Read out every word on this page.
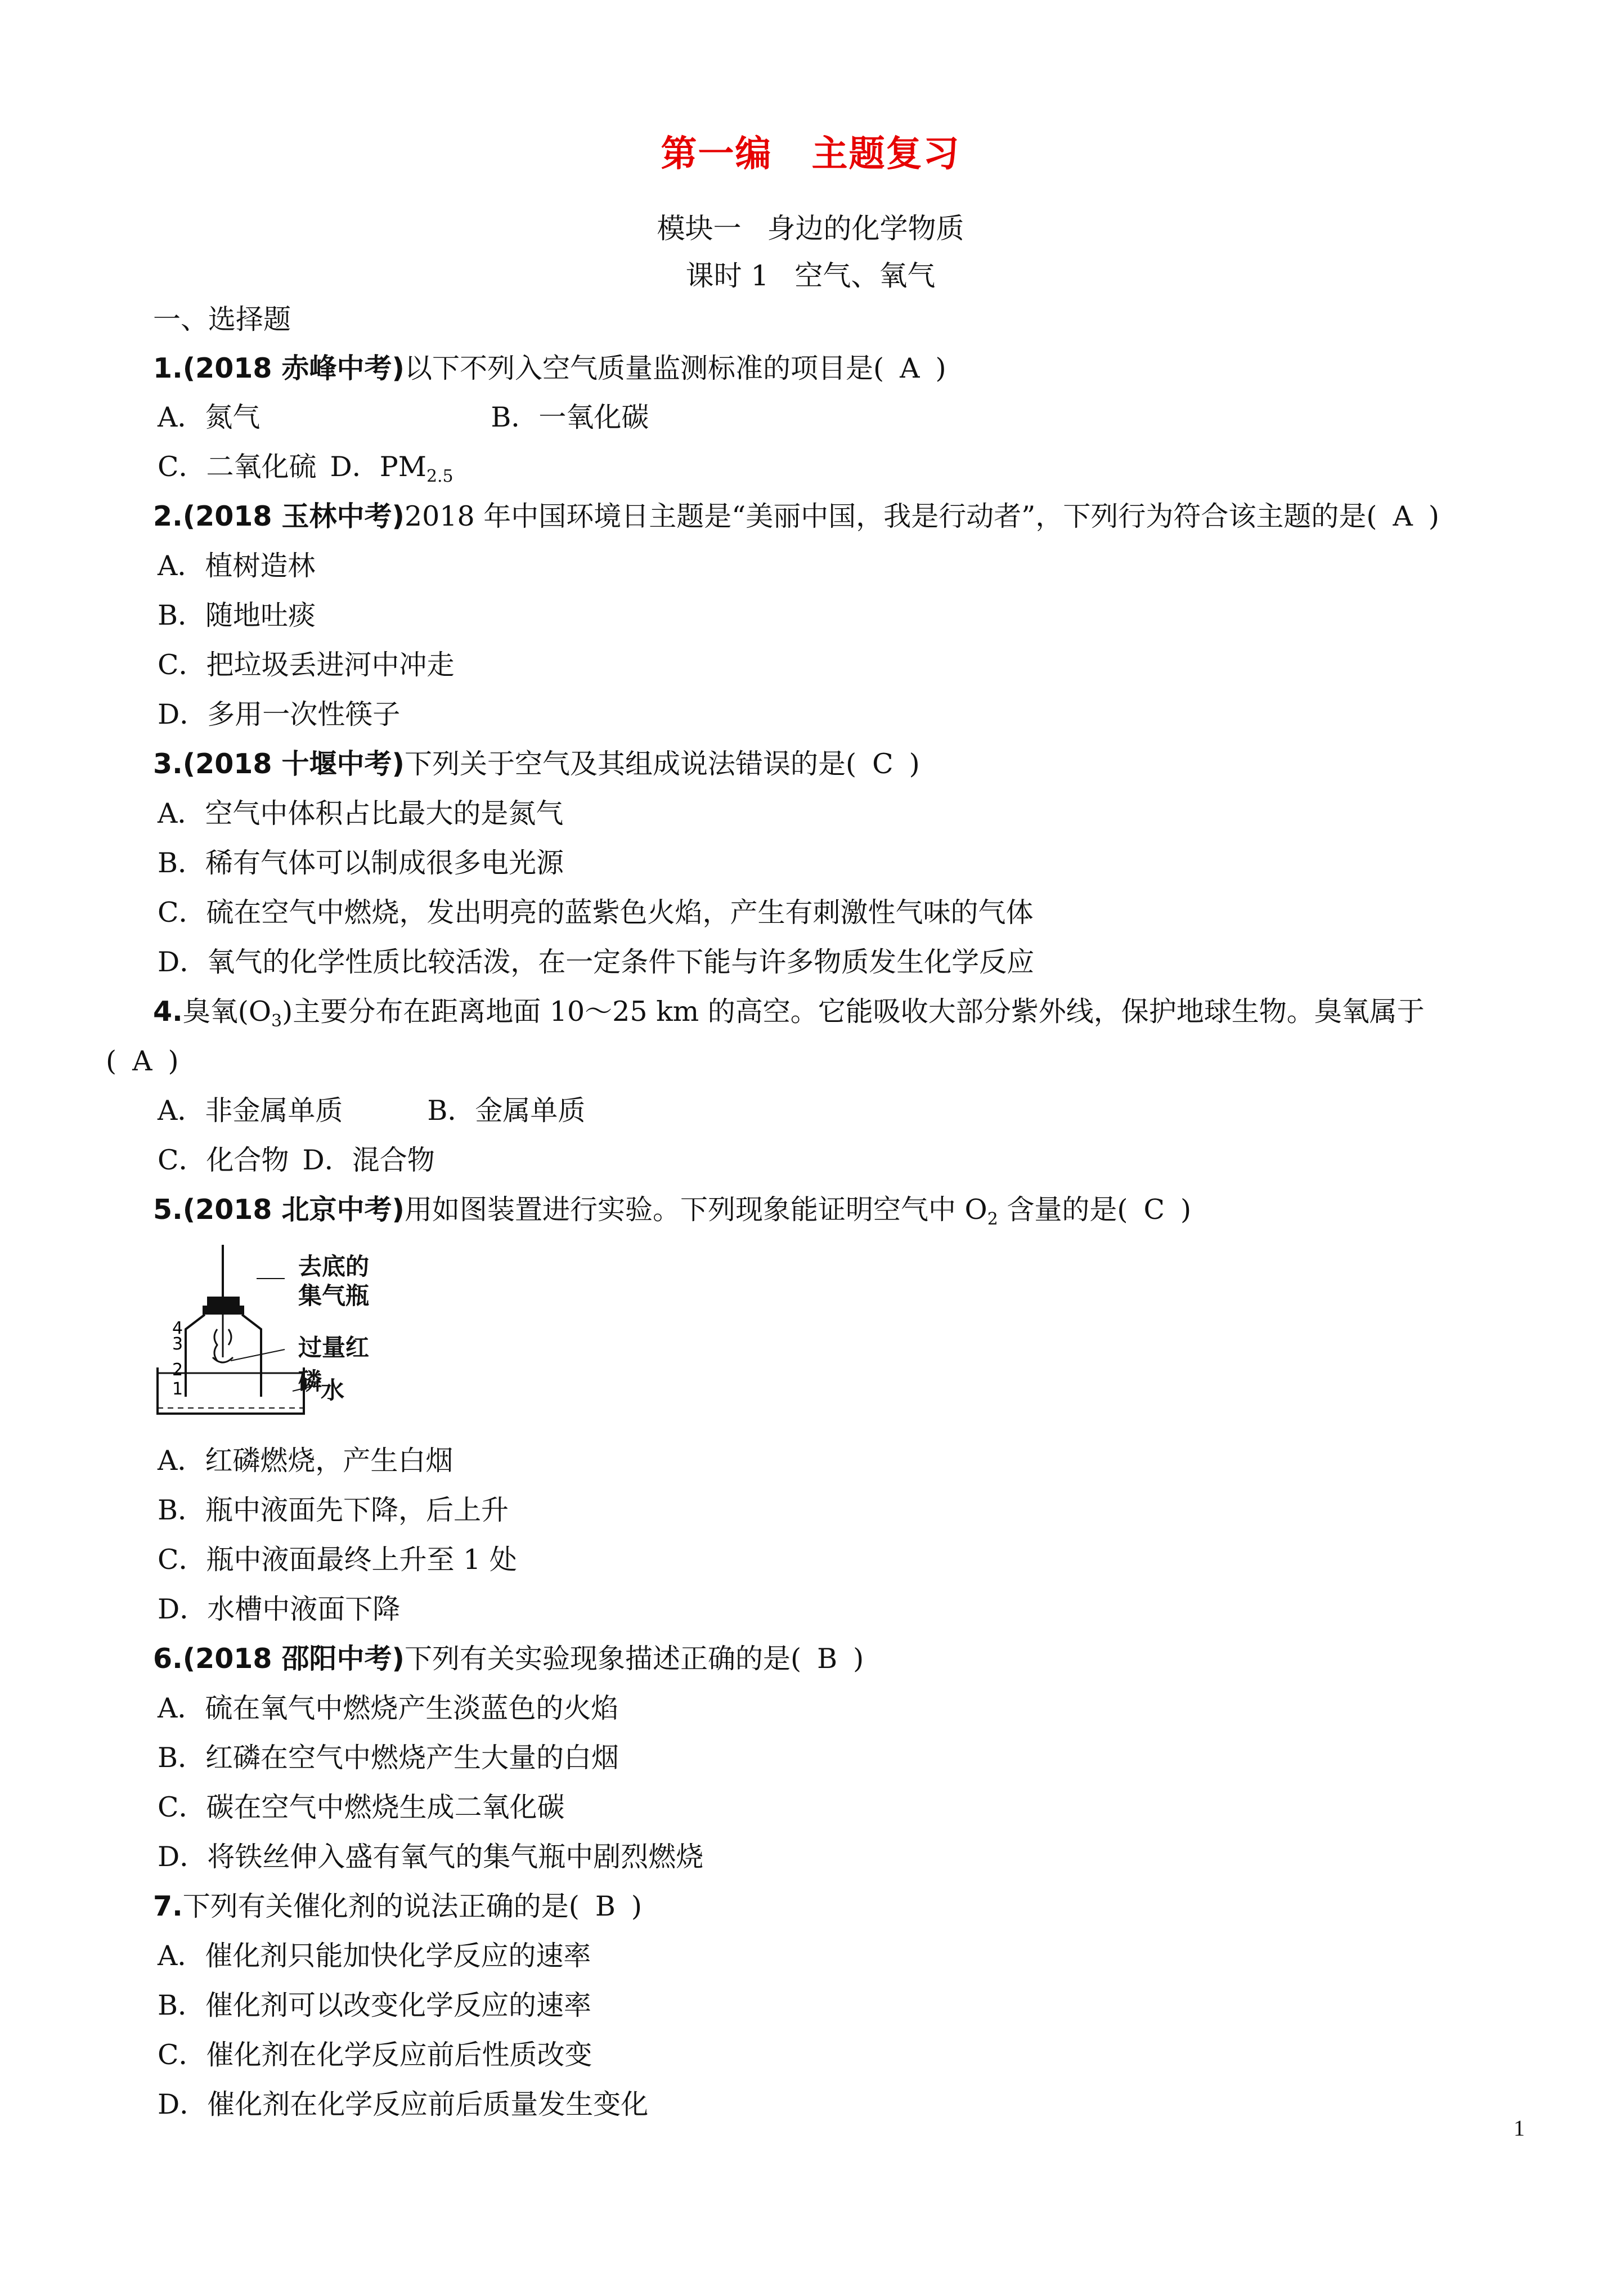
第一编 主题复习
模块一 身边的化学物质
课时 1 空气、氧气
一、选择题
1.(2018 赤峰中考)以下不列入空气质量监测标准的项目是( A )
A．氮气	B．一氧化碳
C．二氧化硫 D．$PM_{2.5}$
2.(2018 玉林中考)2018 年中国环境日主题是“美丽中国，我是行动者”，下列行为符合该主题的是( A )
A．植树造林
B．随地吐痰
C．把垃圾丢进河中冲走
D．多用一次性筷子
3.(2018 十堰中考)下列关于空气及其组成说法错误的是( C )
A．空气中体积占比最大的是氮气
B．稀有气体可以制成很多电光源
C．硫在空气中燃烧，发出明亮的蓝紫色火焰，产生有刺激性气味的气体
D．氧气的化学性质比较活泼，在一定条件下能与许多物质发生化学反应
4.臭氧$(O_3)$主要分布在距离地面 10～25 km 的高空。它能吸收大部分紫外线，保护地球生物。臭氧属于
( A )
A．非金属单质	B．金属单质
C．化合物 D．混合物
5.(2018 北京中考)用如图装置进行实验。下列现象能证明空气中 $O_2$ 含量的是( C )
4
3
2
1
去底的
集气瓶
过量红磷
水
A．红磷燃烧，产生白烟
B．瓶中液面先下降，后上升
C．瓶中液面最终上升至 1 处
D．水槽中液面下降
6.(2018 邵阳中考)下列有关实验现象描述正确的是( B )
A．硫在氧气中燃烧产生淡蓝色的火焰
B．红磷在空气中燃烧产生大量的白烟
C．碳在空气中燃烧生成二氧化碳
D．将铁丝伸入盛有氧气的集气瓶中剧烈燃烧
7.下列有关催化剂的说法正确的是( B )
A．催化剂只能加快化学反应的速率
B．催化剂可以改变化学反应的速率
C．催化剂在化学反应前后性质改变
D．催化剂在化学反应前后质量发生变化
1
